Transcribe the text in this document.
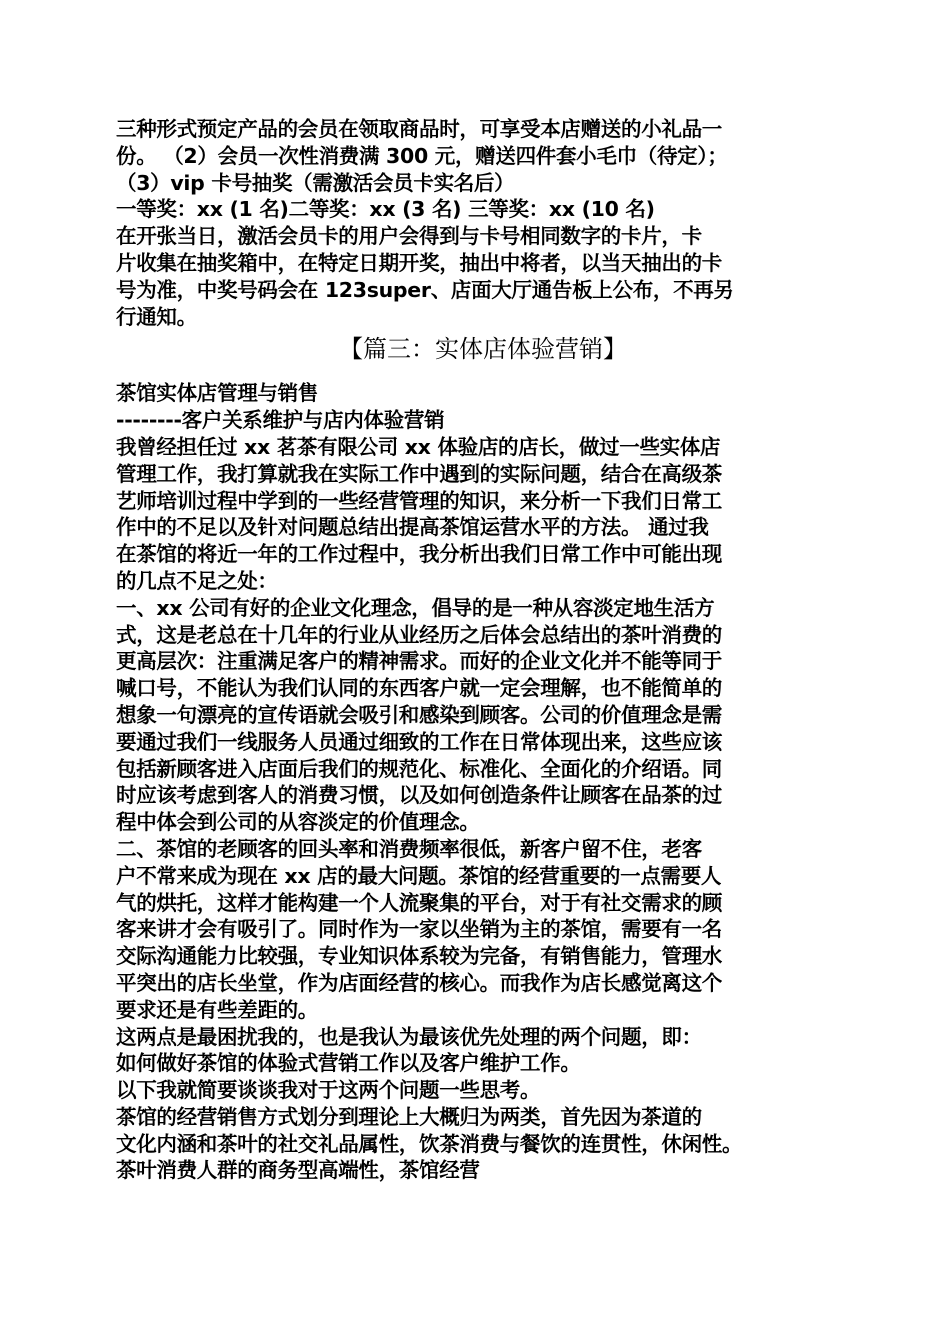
三种形式预定产品的会员在领取商品时，可享受本店赠送的小礼品一
份。 （2）会员一次性消费满 300 元，赠送四件套小毛巾（待定）；
（3）vip 卡号抽奖（需激活会员卡实名后）
一等奖：xx (1 名)二等奖：xx (3 名) 三等奖：xx (10 名)
在开张当日，激活会员卡的用户会得到与卡号相同数字的卡片，卡
片收集在抽奖箱中，在特定日期开奖，抽出中将者，以当天抽出的卡
号为准，中奖号码会在 123super、店面大厅通告板上公布，不再另
行通知。
【篇三：实体店体验营销】
茶馆实体店管理与销售
--------客户关系维护与店内体验营销
我曾经担任过 xx 茗茶有限公司 xx 体验店的店长，做过一些实体店
管理工作，我打算就我在实际工作中遇到的实际问题，结合在高级茶
艺师培训过程中学到的一些经营管理的知识，来分析一下我们日常工
作中的不足以及针对问题总结出提高茶馆运营水平的方法。 通过我
在茶馆的将近一年的工作过程中，我分析出我们日常工作中可能出现
的几点不足之处：
一、xx 公司有好的企业文化理念，倡导的是一种从容淡定地生活方
式，这是老总在十几年的行业从业经历之后体会总结出的茶叶消费的
更高层次：注重满足客户的精神需求。而好的企业文化并不能等同于
喊口号，不能认为我们认同的东西客户就一定会理解，也不能简单的
想象一句漂亮的宣传语就会吸引和感染到顾客。公司的价值理念是需
要通过我们一线服务人员通过细致的工作在日常体现出来，这些应该
包括新顾客进入店面后我们的规范化、标准化、全面化的介绍语。同
时应该考虑到客人的消费习惯，以及如何创造条件让顾客在品茶的过
程中体会到公司的从容淡定的价值理念。
二、茶馆的老顾客的回头率和消费频率很低，新客户留不住，老客
户不常来成为现在 xx 店的最大问题。茶馆的经营重要的一点需要人
气的烘托，这样才能构建一个人流聚集的平台，对于有社交需求的顾
客来讲才会有吸引了。同时作为一家以坐销为主的茶馆，需要有一名
交际沟通能力比较强，专业知识体系较为完备，有销售能力，管理水
平突出的店长坐堂，作为店面经营的核心。而我作为店长感觉离这个
要求还是有些差距的。
这两点是最困扰我的，也是我认为最该优先处理的两个问题，即：
如何做好茶馆的体验式营销工作以及客户维护工作。
以下我就简要谈谈我对于这两个问题一些思考。
茶馆的经营销售方式划分到理论上大概归为两类，首先因为茶道的
文化内涵和茶叶的社交礼品属性，饮茶消费与餐饮的连贯性，休闲性。
茶叶消费人群的商务型高端性，茶馆经营
